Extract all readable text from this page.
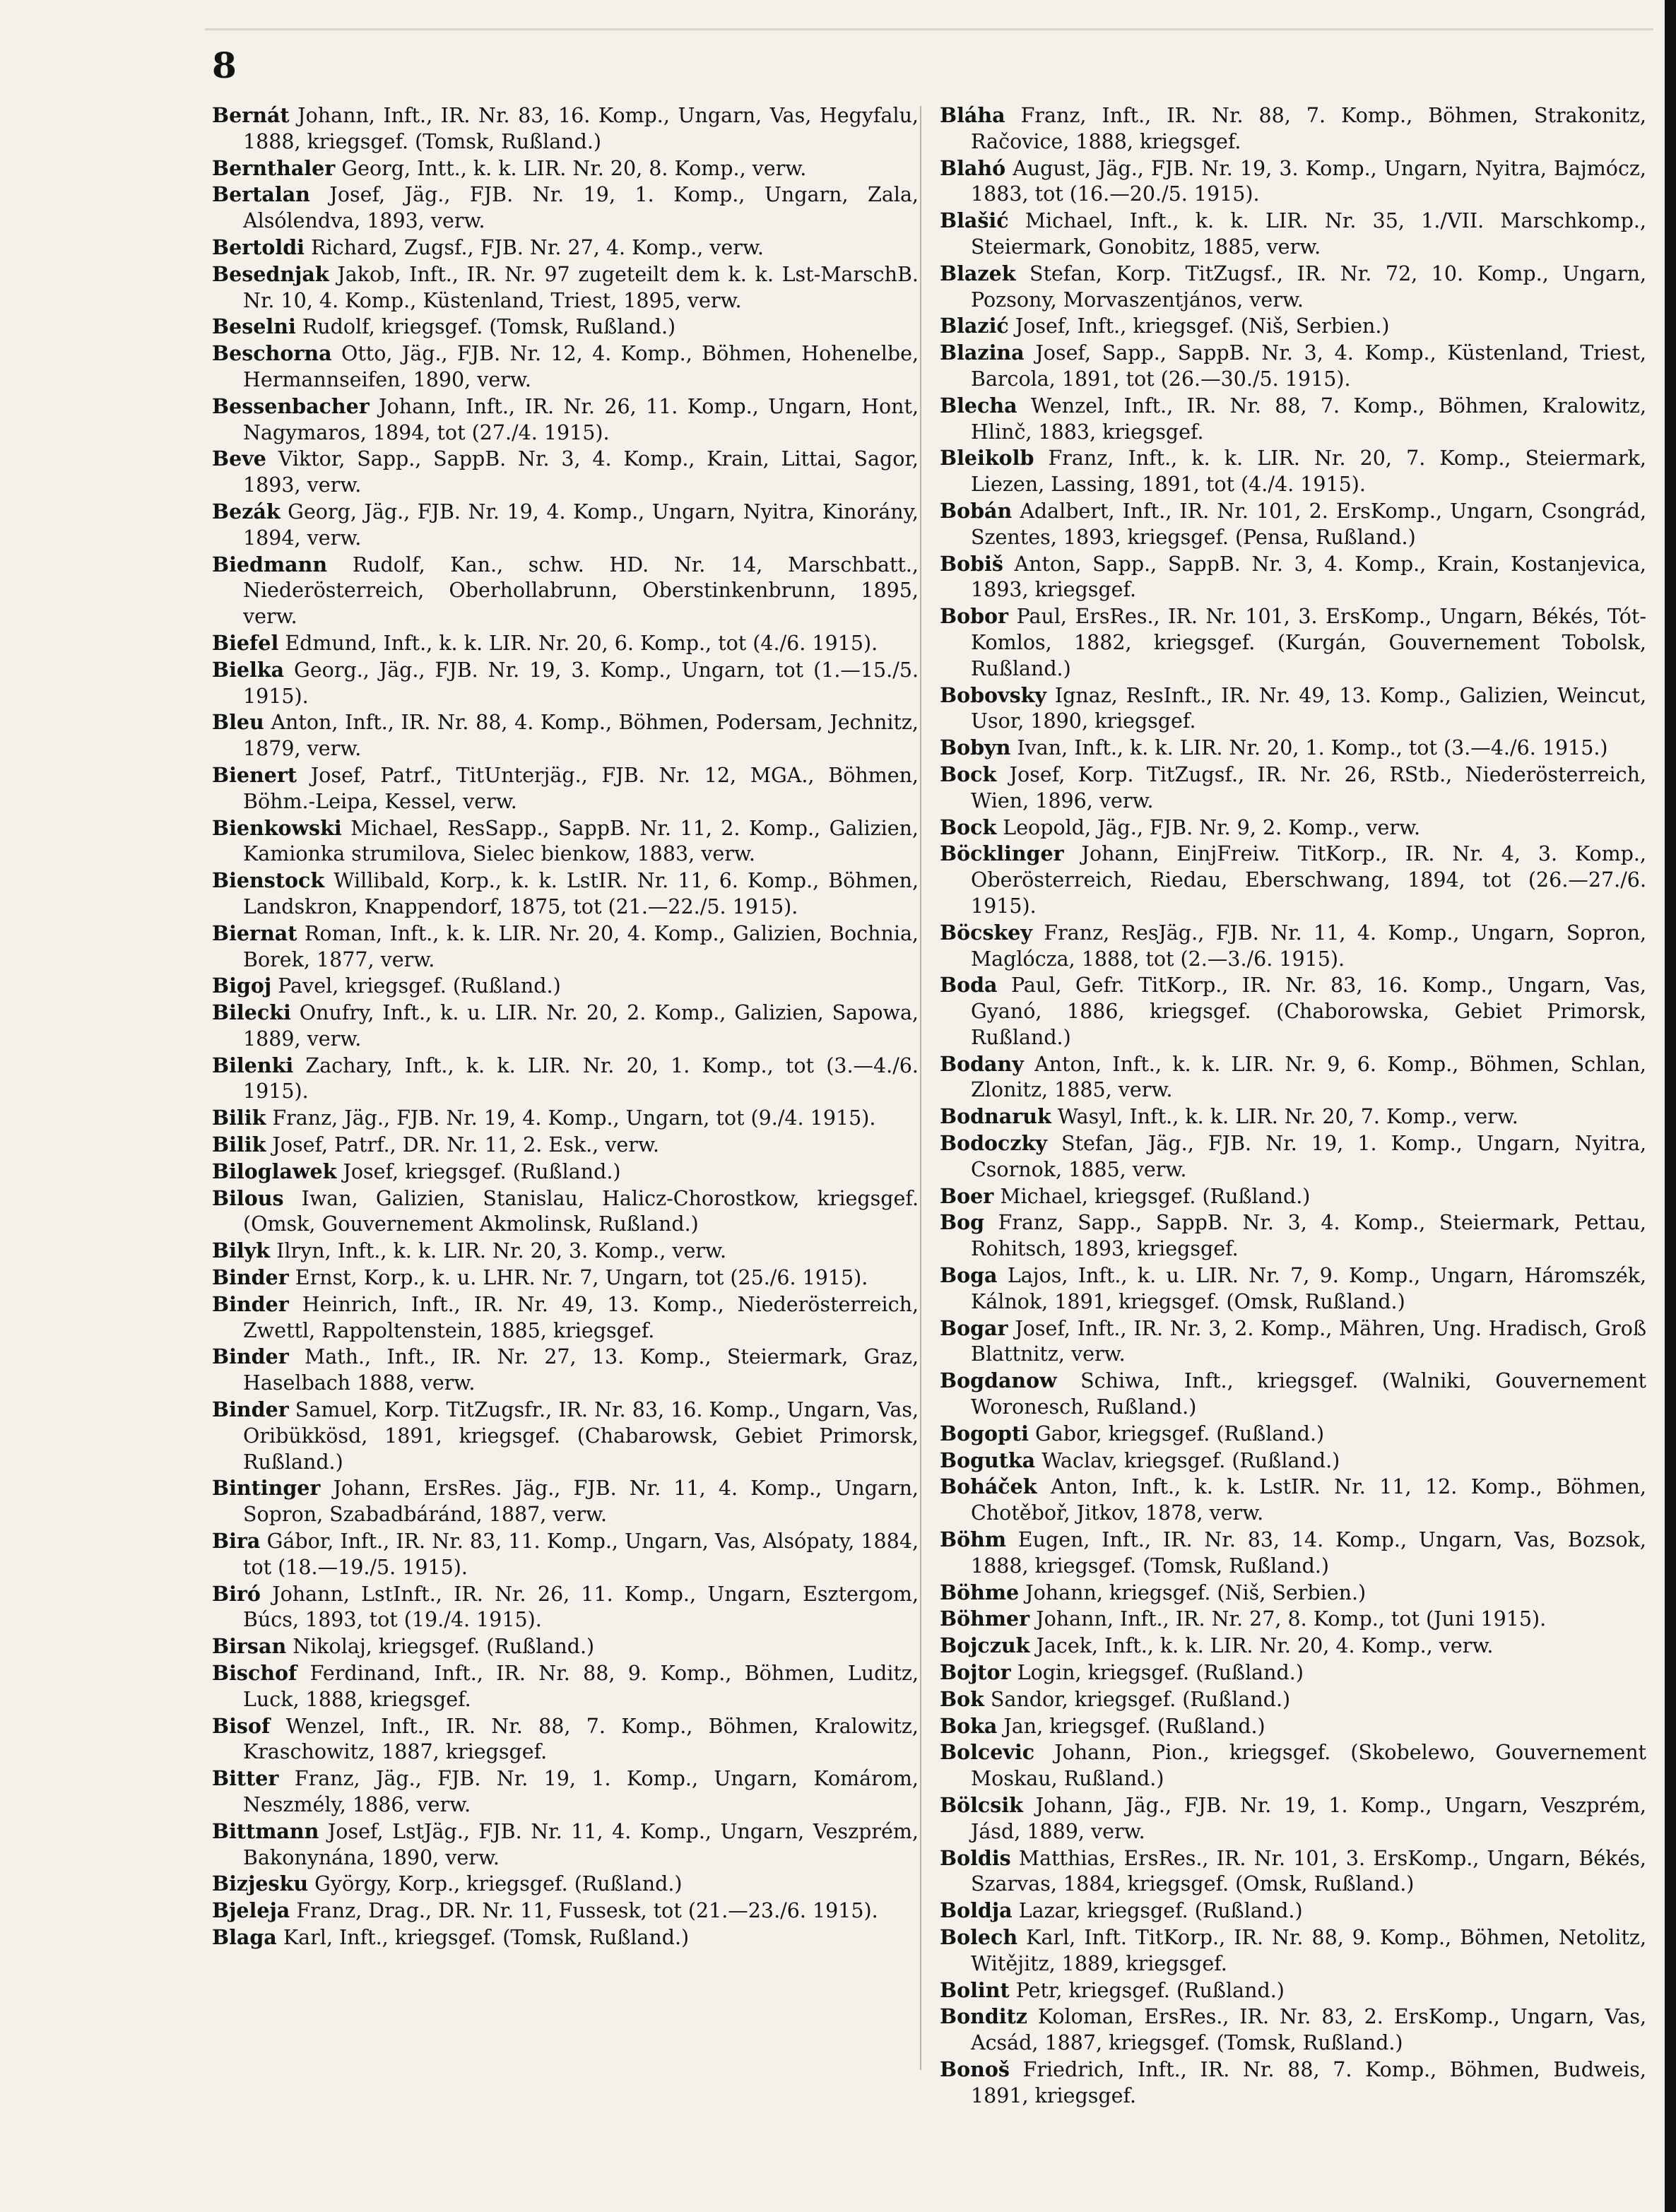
8
Bernát Johann, Inft., IR. Nr. 83, 16. Komp., Ungarn, Vas, Hegyfalu, 1888, kriegsgef. (Tomsk, Rußland.)
Bernthaler Georg, Intt., k. k. LIR. Nr. 20, 8. Komp., verw.
Bertalan Josef, Jäg., FJB. Nr. 19, 1. Komp., Ungarn, Zala, Alsólendva, 1893, verw.
Bertoldi Richard, Zugsf., FJB. Nr. 27, 4. Komp., verw.
Besednjak Jakob, Inft., IR. Nr. 97 zugeteilt dem k. k. Lst-MarschB. Nr. 10, 4. Komp., Küstenland, Triest, 1895, verw.
Beselni Rudolf, kriegsgef. (Tomsk, Rußland.)
Beschorna Otto, Jäg., FJB. Nr. 12, 4. Komp., Böhmen, Hohenelbe, Hermannseifen, 1890, verw.
Bessenbacher Johann, Inft., IR. Nr. 26, 11. Komp., Ungarn, Hont, Nagymaros, 1894, tot (27./4. 1915).
Beve Viktor, Sapp., SappB. Nr. 3, 4. Komp., Krain, Littai, Sagor, 1893, verw.
Bezák Georg, Jäg., FJB. Nr. 19, 4. Komp., Ungarn, Nyitra, Kinorány, 1894, verw.
Biedmann Rudolf, Kan., schw. HD. Nr. 14, Marschbatt., Niederösterreich, Oberhollabrunn, Oberstinkenbrunn, 1895, verw.
Biefel Edmund, Inft., k. k. LIR. Nr. 20, 6. Komp., tot (4./6. 1915).
Bielka Georg., Jäg., FJB. Nr. 19, 3. Komp., Ungarn, tot (1.—15./5. 1915).
Bleu Anton, Inft., IR. Nr. 88, 4. Komp., Böhmen, Podersam, Jechnitz, 1879, verw.
Bienert Josef, Patrf., TitUnterjäg., FJB. Nr. 12, MGA., Böhmen, Böhm.-Leipa, Kessel, verw.
Bienkowski Michael, ResSapp., SappB. Nr. 11, 2. Komp., Galizien, Kamionka strumilova, Sielec bienkow, 1883, verw.
Bienstock Willibald, Korp., k. k. LstIR. Nr. 11, 6. Komp., Böhmen, Landskron, Knappendorf, 1875, tot (21.—22./5. 1915).
Biernat Roman, Inft., k. k. LIR. Nr. 20, 4. Komp., Galizien, Bochnia, Borek, 1877, verw.
Bigoj Pavel, kriegsgef. (Rußland.)
Bilecki Onufry, Inft., k. u. LIR. Nr. 20, 2. Komp., Galizien, Sapowa, 1889, verw.
Bilenki Zachary, Inft., k. k. LIR. Nr. 20, 1. Komp., tot (3.—4./6. 1915).
Bilik Franz, Jäg., FJB. Nr. 19, 4. Komp., Ungarn, tot (9./4. 1915).
Bilik Josef, Patrf., DR. Nr. 11, 2. Esk., verw.
Biloglawek Josef, kriegsgef. (Rußland.)
Bilous Iwan, Galizien, Stanislau, Halicz-Chorostkow, kriegsgef. (Omsk, Gouvernement Akmolinsk, Rußland.)
Bilyk Ilryn, Inft., k. k. LIR. Nr. 20, 3. Komp., verw.
Binder Ernst, Korp., k. u. LHR. Nr. 7, Ungarn, tot (25./6. 1915).
Binder Heinrich, Inft., IR. Nr. 49, 13. Komp., Niederösterreich, Zwettl, Rappoltenstein, 1885, kriegsgef.
Binder Math., Inft., IR. Nr. 27, 13. Komp., Steiermark, Graz, Haselbach 1888, verw.
Binder Samuel, Korp. TitZugsfr., IR. Nr. 83, 16. Komp., Ungarn, Vas, Oribükkösd, 1891, kriegsgef. (Chabarowsk, Gebiet Primorsk, Rußland.)
Bintinger Johann, ErsRes. Jäg., FJB. Nr. 11, 4. Komp., Ungarn, Sopron, Szabadbáránd, 1887, verw.
Bira Gábor, Inft., IR. Nr. 83, 11. Komp., Ungarn, Vas, Alsópaty, 1884, tot (18.—19./5. 1915).
Biró Johann, LstInft., IR. Nr. 26, 11. Komp., Ungarn, Esztergom, Búcs, 1893, tot (19./4. 1915).
Birsan Nikolaj, kriegsgef. (Rußland.)
Bischof Ferdinand, Inft., IR. Nr. 88, 9. Komp., Böhmen, Luditz, Luck, 1888, kriegsgef.
Bisof Wenzel, Inft., IR. Nr. 88, 7. Komp., Böhmen, Kralowitz, Kraschowitz, 1887, kriegsgef.
Bitter Franz, Jäg., FJB. Nr. 19, 1. Komp., Ungarn, Komárom, Neszmély, 1886, verw.
Bittmann Josef, LstJäg., FJB. Nr. 11, 4. Komp., Ungarn, Veszprém, Bakonynána, 1890, verw.
Bizjesku György, Korp., kriegsgef. (Rußland.)
Bjeleja Franz, Drag., DR. Nr. 11, Fussesk, tot (21.—23./6. 1915).
Blaga Karl, Inft., kriegsgef. (Tomsk, Rußland.)
Bláha Franz, Inft., IR. Nr. 88, 7. Komp., Böhmen, Strakonitz, Račovice, 1888, kriegsgef.
Blahó August, Jäg., FJB. Nr. 19, 3. Komp., Ungarn, Nyitra, Bajmócz, 1883, tot (16.—20./5. 1915).
Blašić Michael, Inft., k. k. LIR. Nr. 35, 1./VII. Marschkomp., Steiermark, Gonobitz, 1885, verw.
Blazek Stefan, Korp. TitZugsf., IR. Nr. 72, 10. Komp., Ungarn, Pozsony, Morvaszentjános, verw.
Blazić Josef, Inft., kriegsgef. (Niš, Serbien.)
Blazina Josef, Sapp., SappB. Nr. 3, 4. Komp., Küstenland, Triest, Barcola, 1891, tot (26.—30./5. 1915).
Blecha Wenzel, Inft., IR. Nr. 88, 7. Komp., Böhmen, Kralowitz, Hlinč, 1883, kriegsgef.
Bleikolb Franz, Inft., k. k. LIR. Nr. 20, 7. Komp., Steiermark, Liezen, Lassing, 1891, tot (4./4. 1915).
Bobán Adalbert, Inft., IR. Nr. 101, 2. ErsKomp., Ungarn, Csongrád, Szentes, 1893, kriegsgef. (Pensa, Rußland.)
Bobiš Anton, Sapp., SappB. Nr. 3, 4. Komp., Krain, Kostanjevica, 1893, kriegsgef.
Bobor Paul, ErsRes., IR. Nr. 101, 3. ErsKomp., Ungarn, Békés, Tót-Komlos, 1882, kriegsgef. (Kurgán, Gouvernement Tobolsk, Rußland.)
Bobovsky Ignaz, ResInft., IR. Nr. 49, 13. Komp., Galizien, Weincut, Usor, 1890, kriegsgef.
Bobyn Ivan, Inft., k. k. LIR. Nr. 20, 1. Komp., tot (3.—4./6. 1915.)
Bock Josef, Korp. TitZugsf., IR. Nr. 26, RStb., Niederösterreich, Wien, 1896, verw.
Bock Leopold, Jäg., FJB. Nr. 9, 2. Komp., verw.
Böcklinger Johann, EinjFreiw. TitKorp., IR. Nr. 4, 3. Komp., Oberösterreich, Riedau, Eberschwang, 1894, tot (26.—27./6. 1915).
Böcskey Franz, ResJäg., FJB. Nr. 11, 4. Komp., Ungarn, Sopron, Maglócza, 1888, tot (2.—3./6. 1915).
Boda Paul, Gefr. TitKorp., IR. Nr. 83, 16. Komp., Ungarn, Vas, Gyanó, 1886, kriegsgef. (Chaborowska, Gebiet Primorsk, Rußland.)
Bodany Anton, Inft., k. k. LIR. Nr. 9, 6. Komp., Böhmen, Schlan, Zlonitz, 1885, verw.
Bodnaruk Wasyl, Inft., k. k. LIR. Nr. 20, 7. Komp., verw.
Bodoczky Stefan, Jäg., FJB. Nr. 19, 1. Komp., Ungarn, Nyitra, Csornok, 1885, verw.
Boer Michael, kriegsgef. (Rußland.)
Bog Franz, Sapp., SappB. Nr. 3, 4. Komp., Steiermark, Pettau, Rohitsch, 1893, kriegsgef.
Boga Lajos, Inft., k. u. LIR. Nr. 7, 9. Komp., Ungarn, Háromszék, Kálnok, 1891, kriegsgef. (Omsk, Rußland.)
Bogar Josef, Inft., IR. Nr. 3, 2. Komp., Mähren, Ung. Hradisch, Groß Blattnitz, verw.
Bogdanow Schiwa, Inft., kriegsgef. (Walniki, Gouvernement Woronesch, Rußland.)
Bogopti Gabor, kriegsgef. (Rußland.)
Bogutka Waclav, kriegsgef. (Rußland.)
Boháček Anton, Inft., k. k. LstIR. Nr. 11, 12. Komp., Böhmen, Chotěboř, Jitkov, 1878, verw.
Böhm Eugen, Inft., IR. Nr. 83, 14. Komp., Ungarn, Vas, Bozsok, 1888, kriegsgef. (Tomsk, Rußland.)
Böhme Johann, kriegsgef. (Niš, Serbien.)
Böhmer Johann, Inft., IR. Nr. 27, 8. Komp., tot (Juni 1915).
Bojczuk Jacek, Inft., k. k. LIR. Nr. 20, 4. Komp., verw.
Bojtor Login, kriegsgef. (Rußland.)
Bok Sandor, kriegsgef. (Rußland.)
Boka Jan, kriegsgef. (Rußland.)
Bolcevic Johann, Pion., kriegsgef. (Skobelewo, Gouvernement Moskau, Rußland.)
Bölcsik Johann, Jäg., FJB. Nr. 19, 1. Komp., Ungarn, Veszprém, Jásd, 1889, verw.
Boldis Matthias, ErsRes., IR. Nr. 101, 3. ErsKomp., Ungarn, Békés, Szarvas, 1884, kriegsgef. (Omsk, Rußland.)
Boldja Lazar, kriegsgef. (Rußland.)
Bolech Karl, Inft. TitKorp., IR. Nr. 88, 9. Komp., Böhmen, Netolitz, Witějitz, 1889, kriegsgef.
Bolint Petr, kriegsgef. (Rußland.)
Bonditz Koloman, ErsRes., IR. Nr. 83, 2. ErsKomp., Ungarn, Vas, Acsád, 1887, kriegsgef. (Tomsk, Rußland.)
Bonoš Friedrich, Inft., IR. Nr. 88, 7. Komp., Böhmen, Budweis, 1891, kriegsgef.
